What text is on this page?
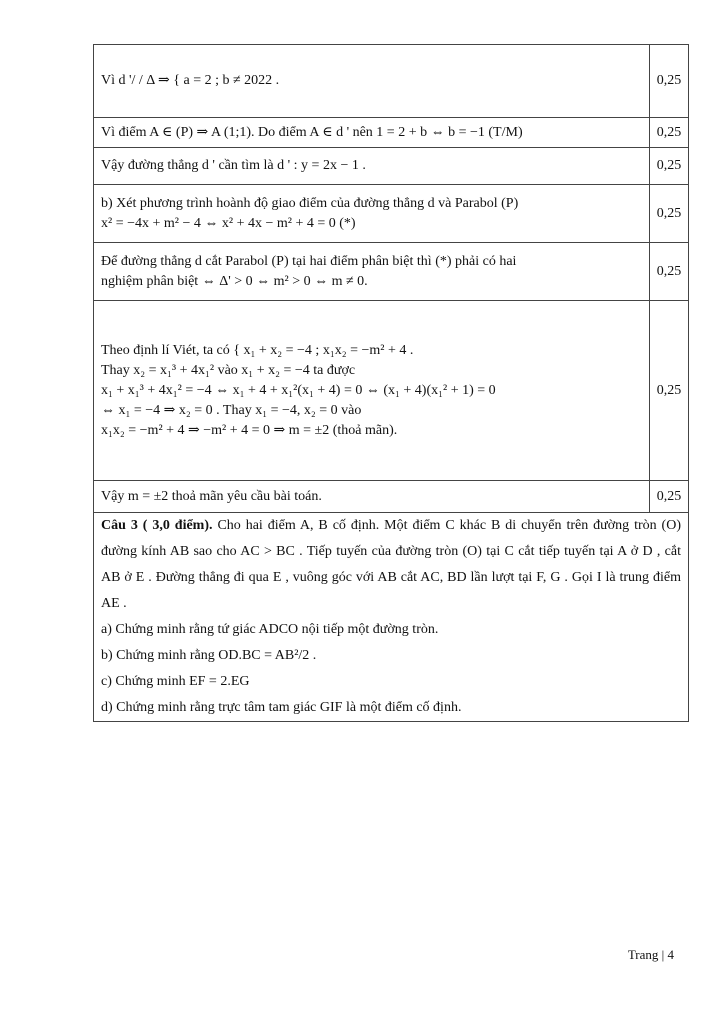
Vì d '/ / Δ ⇒ { a = 2 ; b ≠ 2022 .	0,25

Vì điểm A ∈ (P) ⇒ A (1;1). Do điểm A ∈ d ' nên 1 = 2 + b ⇔ b = −1 (T/M)	0,25

Vậy đường thẳng d ' cần tìm là d ' : y = 2x − 1 .	0,25

b) Xét phương trình hoành độ giao điểm của đường thẳng d và Parabol (P)
x² = −4x + m² − 4 ⇔ x² + 4x − m² + 4 = 0 (*)	0,25

Để đường thẳng d cắt Parabol (P) tại hai điểm phân biệt thì (*) phải có hai
nghiệm phân biệt ⇔ Δ' > 0 ⇔ m² > 0 ⇔ m ≠ 0.	0,25

Theo định lí Viét, ta có { x₁ + x₂ = −4 ; x₁x₂ = −m² + 4 .
Thay x₂ = x₁³ + 4x₁² vào x₁ + x₂ = −4 ta được
x₁ + x₁³ + 4x₁² = −4 ⇔ x₁ + 4 + x₁²(x₁ + 4) = 0 ⇔ (x₁ + 4)(x₁² + 1) = 0
⇔ x₁ = −4 ⇒ x₂ = 0 . Thay x₁ = −4, x₂ = 0 vào
x₁x₂ = −m² + 4 ⇒ −m² + 4 = 0 ⇒ m = ±2 (thoả mãn).	0,25

Vậy m = ±2 thoả mãn yêu cầu bài toán.	0,25

Câu 3 ( 3,0 điểm). Cho hai điểm A, B cố định. Một điểm C khác B di chuyển trên đường tròn (O) đường kính AB sao cho AC > BC . Tiếp tuyến của đường tròn (O) tại C cắt tiếp tuyến tại A ở D , cắt AB ở E . Đường thẳng đi qua E , vuông góc với AB cắt AC, BD lần lượt tại F, G . Gọi I là trung điểm AE .
a) Chứng minh rằng tứ giác ADCO nội tiếp một đường tròn.
b) Chứng minh rằng OD.BC = AB²/2 .
c) Chứng minh EF = 2.EG
d) Chứng minh rằng trực tâm tam giác GIF là một điểm cố định.	
Trang | 4
